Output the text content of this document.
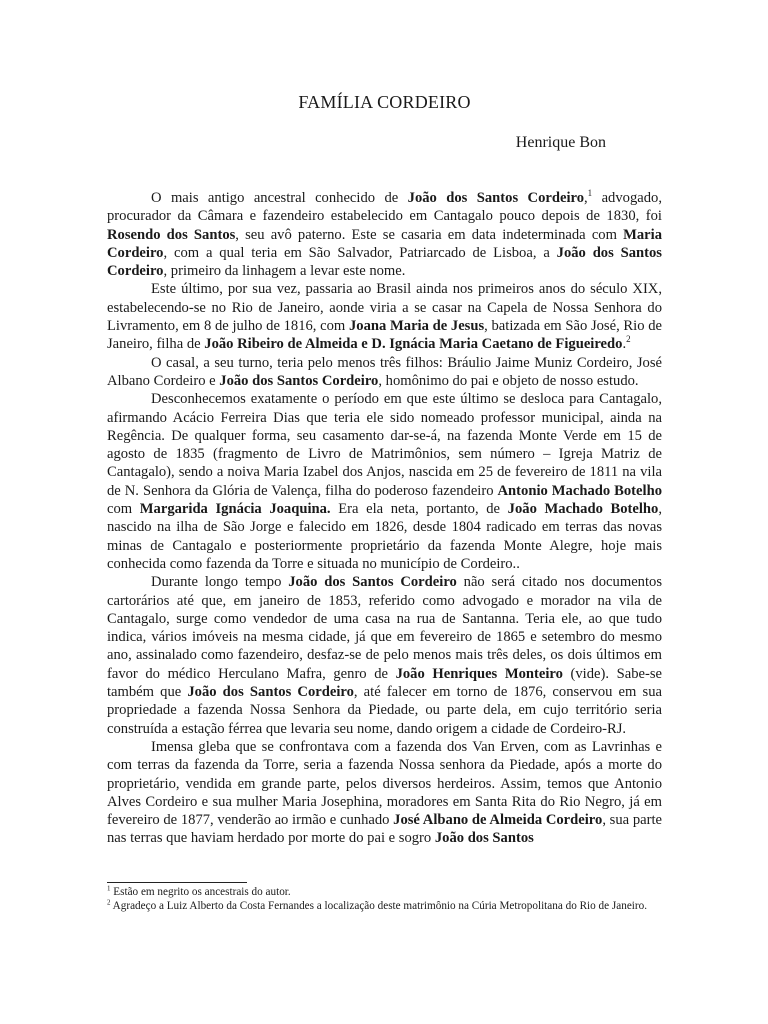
FAMÍLIA CORDEIRO

Henrique Bon

O mais antigo ancestral conhecido de João dos Santos Cordeiro,$^1$ advogado, procurador da Câmara e fazendeiro estabelecido em Cantagalo pouco depois de 1830, foi Rosendo dos Santos, seu avô paterno. Este se casaria em data indeterminada com Maria Cordeiro, com a qual teria em São Salvador, Patriarcado de Lisboa, a João dos Santos Cordeiro, primeiro da linhagem a levar este nome.

Este último, por sua vez, passaria ao Brasil ainda nos primeiros anos do século XIX, estabelecendo-se no Rio de Janeiro, aonde viria a se casar na Capela de Nossa Senhora do Livramento, em 8 de julho de 1816, com Joana Maria de Jesus, batizada em São José, Rio de Janeiro, filha de João Ribeiro de Almeida e D. Ignácia Maria Caetano de Figueiredo.$^2$

O casal, a seu turno, teria pelo menos três filhos: Bráulio Jaime Muniz Cordeiro, José Albano Cordeiro e João dos Santos Cordeiro, homônimo do pai e objeto de nosso estudo.

Desconhecemos exatamente o período em que este último se desloca para Cantagalo, afirmando Acácio Ferreira Dias que teria ele sido nomeado professor municipal, ainda na Regência. De qualquer forma, seu casamento dar-se-á, na fazenda Monte Verde em 15 de agosto de 1835 (fragmento de Livro de Matrimônios, sem número – Igreja Matriz de Cantagalo), sendo a noiva Maria Izabel dos Anjos, nascida em 25 de fevereiro de 1811 na vila de N. Senhora da Glória de Valença, filha do poderoso fazendeiro Antonio Machado Botelho com Margarida Ignácia Joaquina. Era ela neta, portanto, de João Machado Botelho, nascido na ilha de São Jorge e falecido em 1826, desde 1804 radicado em terras das novas minas de Cantagalo e posteriormente proprietário da fazenda Monte Alegre, hoje mais conhecida como fazenda da Torre e situada no município de Cordeiro..

Durante longo tempo João dos Santos Cordeiro não será citado nos documentos cartorários até que, em janeiro de 1853, referido como advogado e morador na vila de Cantagalo, surge como vendedor de uma casa na rua de Santanna. Teria ele, ao que tudo indica, vários imóveis na mesma cidade, já que em fevereiro de 1865 e setembro do mesmo ano, assinalado como fazendeiro, desfaz-se de pelo menos mais três deles, os dois últimos em favor do médico Herculano Mafra, genro de João Henriques Monteiro (vide). Sabe-se também que João dos Santos Cordeiro, até falecer em torno de 1876, conservou em sua propriedade a fazenda Nossa Senhora da Piedade, ou parte dela, em cujo território seria construída a estação férrea que levaria seu nome, dando origem a cidade de Cordeiro-RJ.

Imensa gleba que se confrontava com a fazenda dos Van Erven, com as Lavrinhas e com terras da fazenda da Torre, seria a fazenda Nossa senhora da Piedade, após a morte do proprietário, vendida em grande parte, pelos diversos herdeiros. Assim, temos que Antonio Alves Cordeiro e sua mulher Maria Josephina, moradores em Santa Rita do Rio Negro, já em fevereiro de 1877, venderão ao irmão e cunhado José Albano de Almeida Cordeiro, sua parte nas terras que haviam herdado por morte do pai e sogro João dos Santos

$^1$ Estão em negrito os ancestrais do autor.

$^2$ Agradeço a Luiz Alberto da Costa Fernandes a localização deste matrimônio na Cúria Metropolitana do Rio de Janeiro.
